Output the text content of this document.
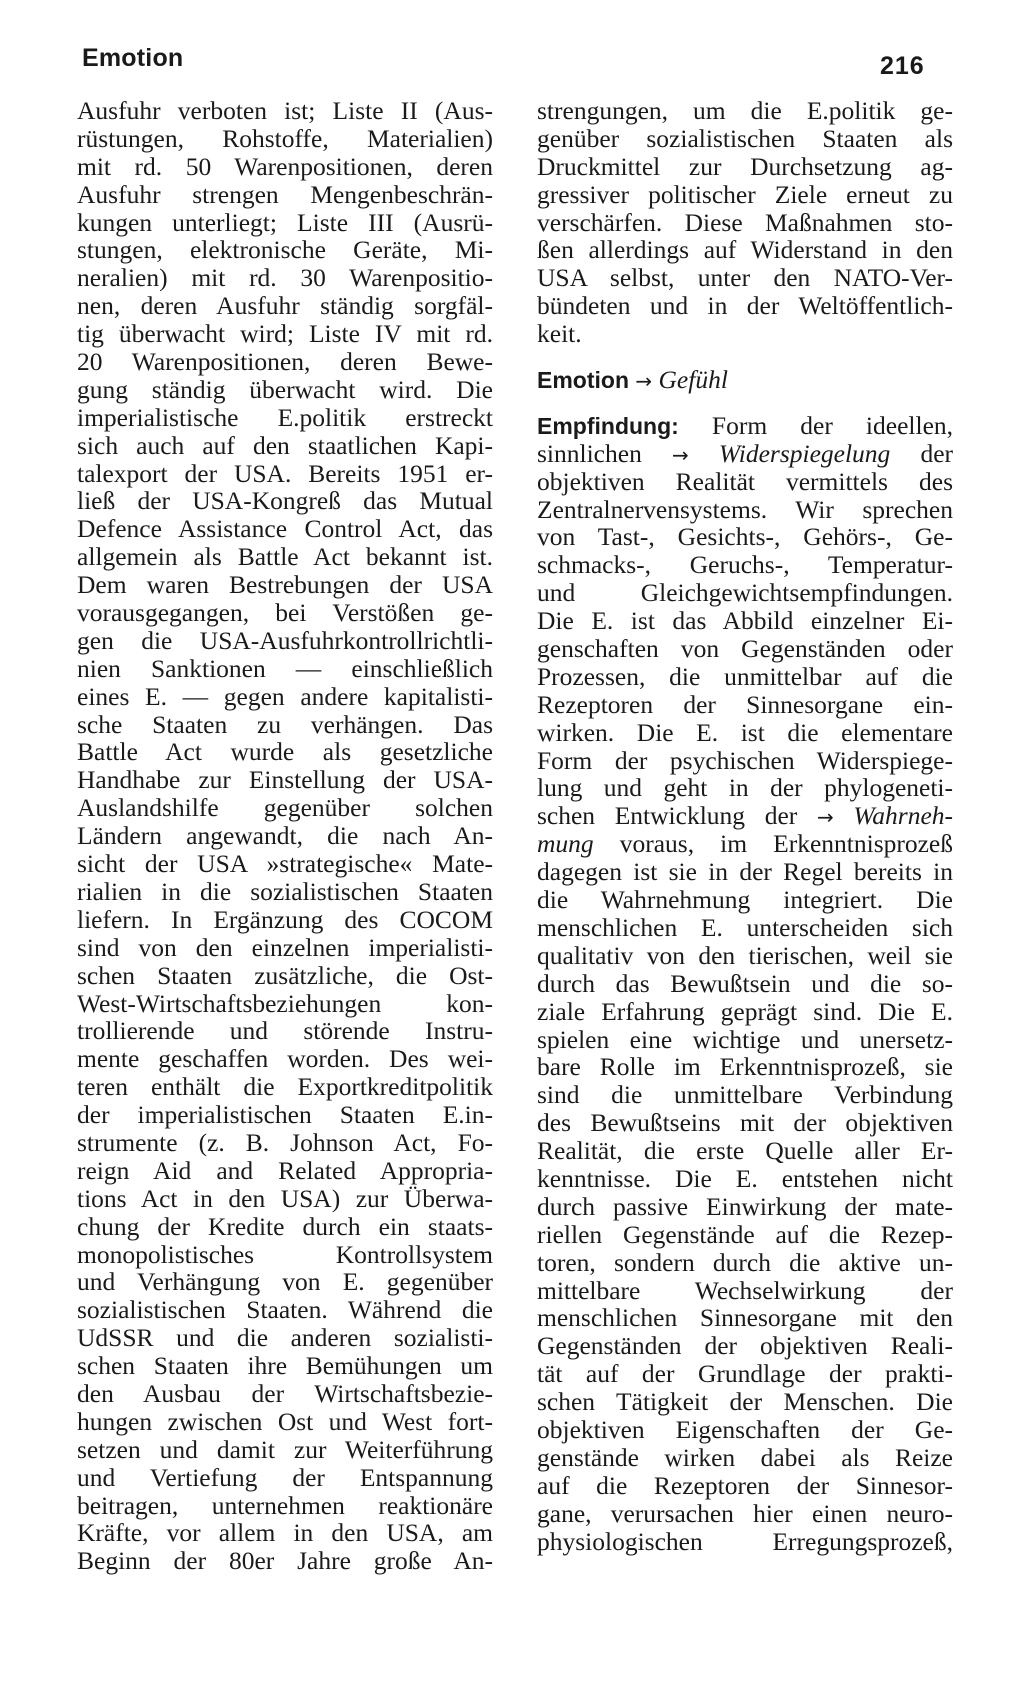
Emotion	216
Ausfuhr verboten ist; Liste II (Aus-
rüstungen, Rohstoffe, Materialien)
mit rd. 50 Warenpositionen, deren
Ausfuhr strengen Mengenbeschrän-
kungen unterliegt; Liste III (Ausrü-
stungen, elektronische Geräte, Mi-
neralien) mit rd. 30 Warenpositio-
nen, deren Ausfuhr ständig sorgfäl-
tig überwacht wird; Liste IV mit rd.
20 Warenpositionen, deren Bewe-
gung ständig überwacht wird. Die
imperialistische E.politik erstreckt
sich auch auf den staatlichen Kapi-
talexport der USA. Bereits 1951 er-
ließ der USA-Kongreß das Mutual
Defence Assistance Control Act, das
allgemein als Battle Act bekannt ist.
Dem waren Bestrebungen der USA
vorausgegangen, bei Verstößen ge-
gen die USA-Ausfuhrkontrollrichtli-
nien Sanktionen — einschließlich
eines E. — gegen andere kapitalisti-
sche Staaten zu verhängen. Das
Battle Act wurde als gesetzliche
Handhabe zur Einstellung der USA-
Auslandshilfe gegenüber solchen
Ländern angewandt, die nach An-
sicht der USA »strategische« Mate-
rialien in die sozialistischen Staaten
liefern. In Ergänzung des COCOM
sind von den einzelnen imperialisti-
schen Staaten zusätzliche, die Ost-
West-Wirtschaftsbeziehungen kon-
trollierende und störende Instru-
mente geschaffen worden. Des wei-
teren enthält die Exportkreditpolitik
der imperialistischen Staaten E.in-
strumente (z. B. Johnson Act, Fo-
reign Aid and Related Appropria-
tions Act in den USA) zur Überwa-
chung der Kredite durch ein staats-
monopolistisches Kontrollsystem
und Verhängung von E. gegenüber
sozialistischen Staaten. Während die
UdSSR und die anderen sozialisti-
schen Staaten ihre Bemühungen um
den Ausbau der Wirtschaftsbezie-
hungen zwischen Ost und West fort-
setzen und damit zur Weiterführung
und Vertiefung der Entspannung
beitragen, unternehmen reaktionäre
Kräfte, vor allem in den USA, am
Beginn der 80er Jahre große An-
strengungen, um die E.politik ge-
genüber sozialistischen Staaten als
Druckmittel zur Durchsetzung ag-
gressiver politischer Ziele erneut zu
verschärfen. Diese Maßnahmen sto-
ßen allerdings auf Widerstand in den
USA selbst, unter den NATO-Ver-
bündeten und in der Weltöffentlich-
keit.
Emotion → Gefühl
Empfindung: Form der ideellen,
sinnlichen → Widerspiegelung der
objektiven Realität vermittels des
Zentralnervensystems. Wir sprechen
von Tast-, Gesichts-, Gehörs-, Ge-
schmacks-, Geruchs-, Temperatur-
und Gleichgewichtsempfindungen.
Die E. ist das Abbild einzelner Ei-
genschaften von Gegenständen oder
Prozessen, die unmittelbar auf die
Rezeptoren der Sinnesorgane ein-
wirken. Die E. ist die elementare
Form der psychischen Widerspiege-
lung und geht in der phylogeneti-
schen Entwicklung der → Wahrneh-
mung voraus, im Erkenntnisprozeß
dagegen ist sie in der Regel bereits in
die Wahrnehmung integriert. Die
menschlichen E. unterscheiden sich
qualitativ von den tierischen, weil sie
durch das Bewußtsein und die so-
ziale Erfahrung geprägt sind. Die E.
spielen eine wichtige und unersetz-
bare Rolle im Erkenntnisprozeß, sie
sind die unmittelbare Verbindung
des Bewußtseins mit der objektiven
Realität, die erste Quelle aller Er-
kenntnisse. Die E. entstehen nicht
durch passive Einwirkung der mate-
riellen Gegenstände auf die Rezep-
toren, sondern durch die aktive un-
mittelbare Wechselwirkung der
menschlichen Sinnesorgane mit den
Gegenständen der objektiven Reali-
tät auf der Grundlage der prakti-
schen Tätigkeit der Menschen. Die
objektiven Eigenschaften der Ge-
genstände wirken dabei als Reize
auf die Rezeptoren der Sinnesor-
gane, verursachen hier einen neuro-
physiologischen Erregungsprozeß,
